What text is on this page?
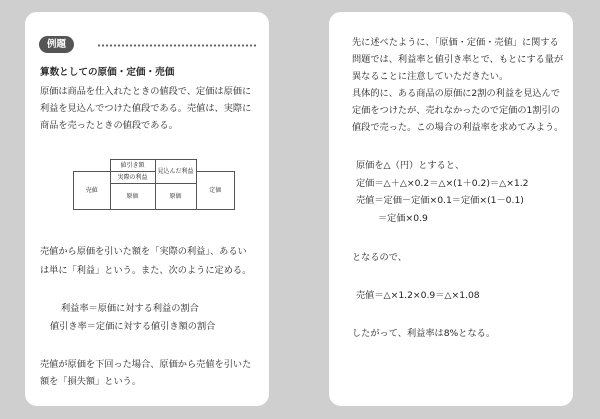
例題
算数としての原価・定価・売価
原価は商品を仕入れたときの値段で、定価は原価に
利益を見込んでつけた値段である。売値は、実際に
商品を売ったときの値段である。
	値引き額	見込んだ利益	
売値	実際の利益		定価
	原価	原価	
売値から原価を引いた額を「実際の利益」、あるい
は単に「利益」という。また、次のように定める。
利益率＝原価に対する利益の割合
値引き率＝定価に対する値引き額の割合
売値が原価を下回った場合、原価から売値を引いた
額を「損失額」という。
先に述べたように、「原価・定価・売値」に関する
問題では、利益率と値引き率とで、もとにする量が
異なることに注意していただきたい。
具体的に、ある商品の原価に2割の利益を見込んで
定価をつけたが、売れなかったので定価の1割引の
値段で売った。この場合の利益率を求めてみよう。
原価を△（円）とすると、
定価＝△＋△×0.2＝△×(1＋0.2)＝△×1.2
売値＝定価－定価×0.1＝定価×(1－0.1)
＝定価×0.9
となるので、
売値＝△×1.2×0.9＝△×1.08
したがって、利益率は8%となる。
